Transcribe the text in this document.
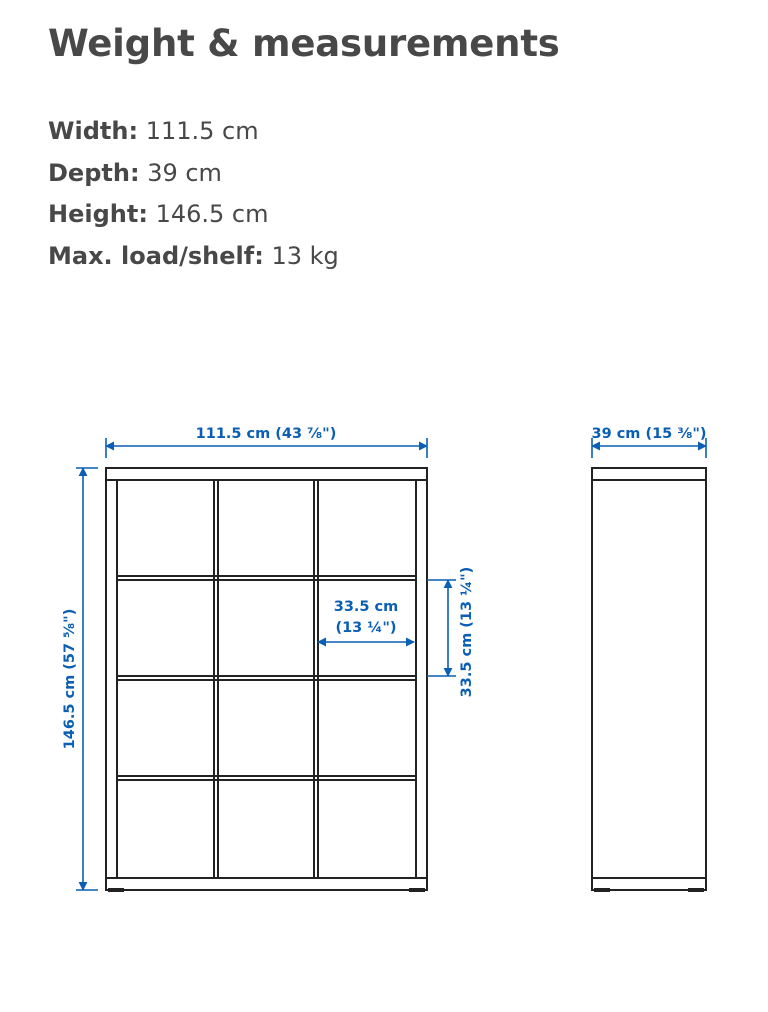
Weight & measurements
Width: 111.5 cm
Depth: 39 cm
Height: 146.5 cm
Max. load/shelf: 13 kg
111.5 cm (43 ⅞")	39 cm (15 ⅜")
146.5 cm (57 ⅝")
33.5 cm
(13 ¼")	33.5 cm (13 ¼")
